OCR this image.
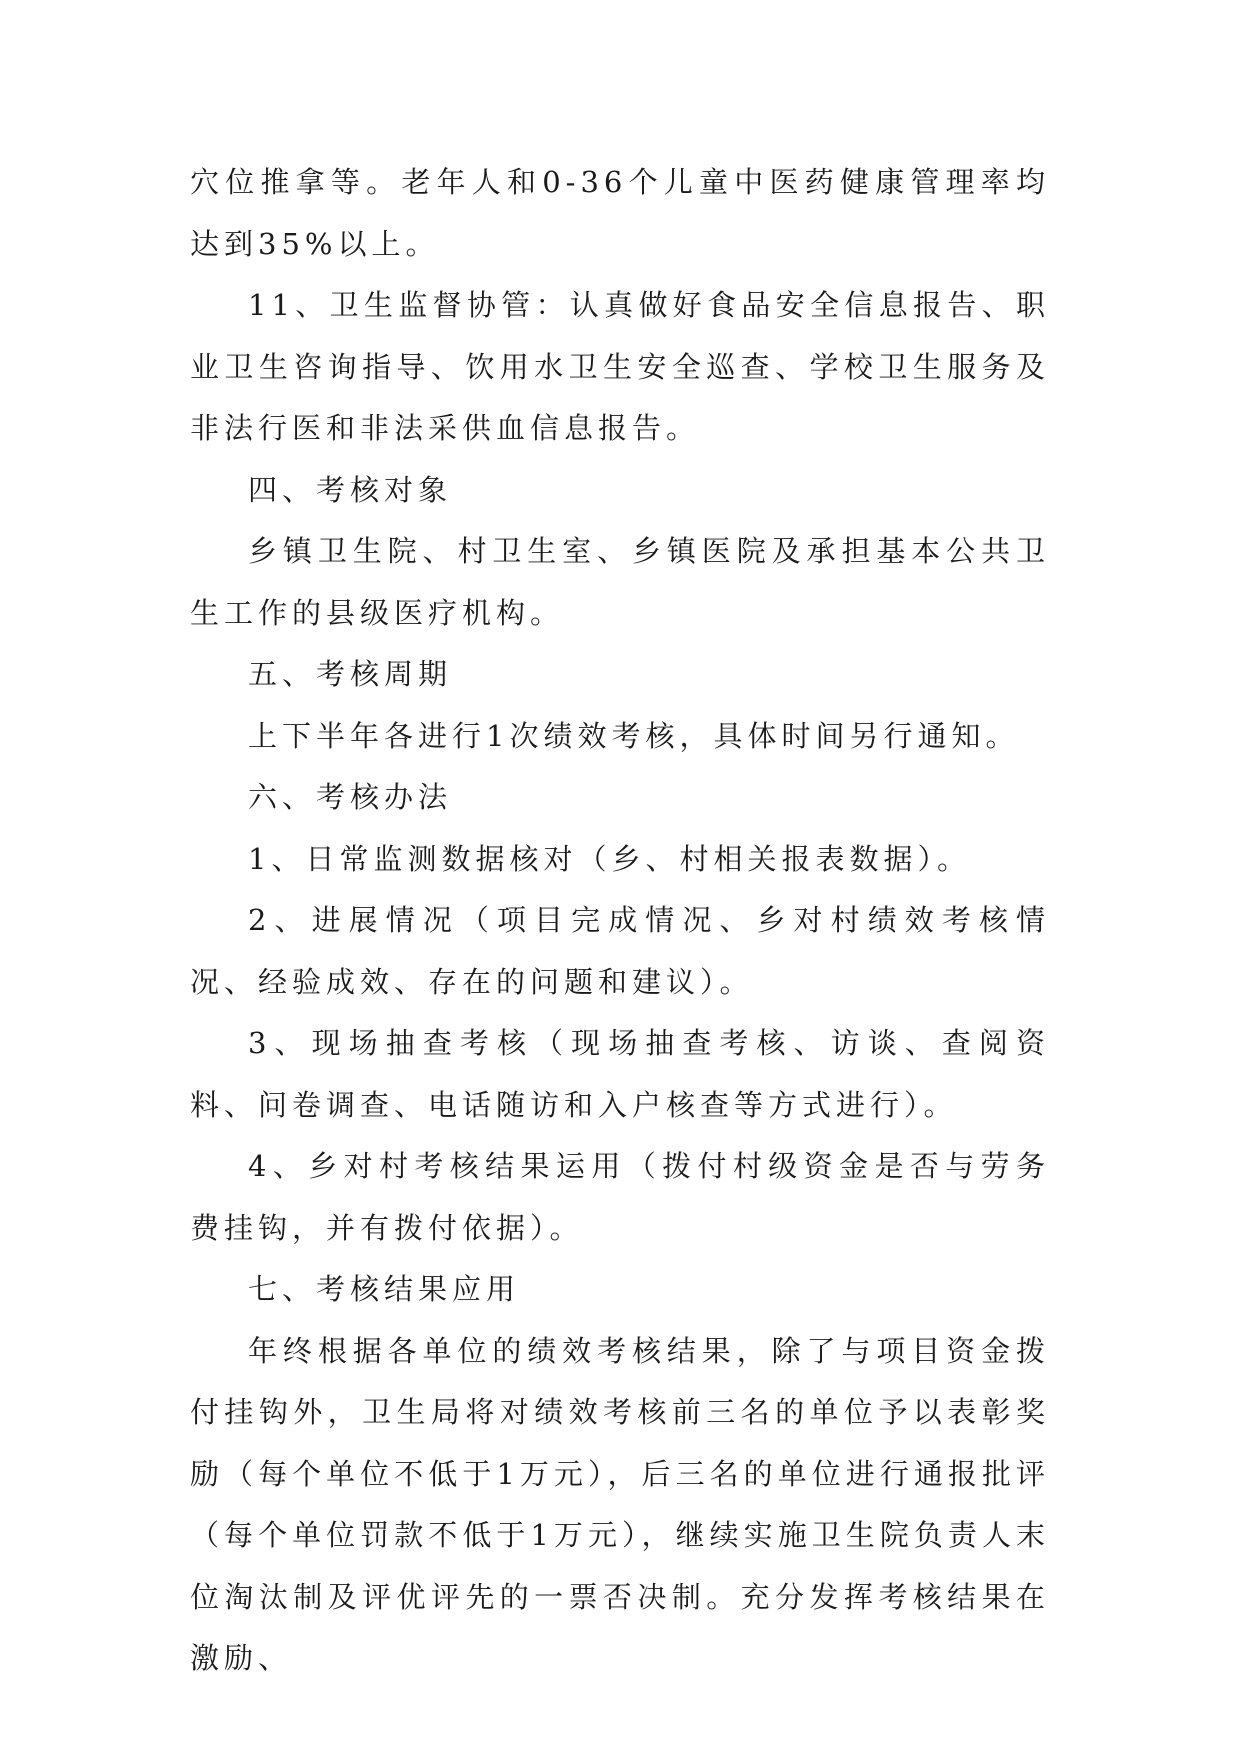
穴位推拿等。老年人和0-36个儿童中医药健康管理率均达到35%以上。

11、卫生监督协管：认真做好食品安全信息报告、职业卫生咨询指导、饮用水卫生安全巡查、学校卫生服务及非法行医和非法采供血信息报告。

四、考核对象

乡镇卫生院、村卫生室、乡镇医院及承担基本公共卫生工作的县级医疗机构。

五、考核周期

上下半年各进行1次绩效考核，具体时间另行通知。

六、考核办法

1、日常监测数据核对（乡、村相关报表数据）。

2、进展情况（项目完成情况、乡对村绩效考核情况、经验成效、存在的问题和建议）。

3、现场抽查考核（现场抽查考核、访谈、查阅资料、问卷调查、电话随访和入户核查等方式进行）。

4、乡对村考核结果运用（拨付村级资金是否与劳务费挂钩，并有拨付依据）。

七、考核结果应用

年终根据各单位的绩效考核结果，除了与项目资金拨付挂钩外，卫生局将对绩效考核前三名的单位予以表彰奖励（每个单位不低于1万元），后三名的单位进行通报批评（每个单位罚款不低于1万元），继续实施卫生院负责人末位淘汰制及评优评先的一票否决制。充分发挥考核结果在激励、
